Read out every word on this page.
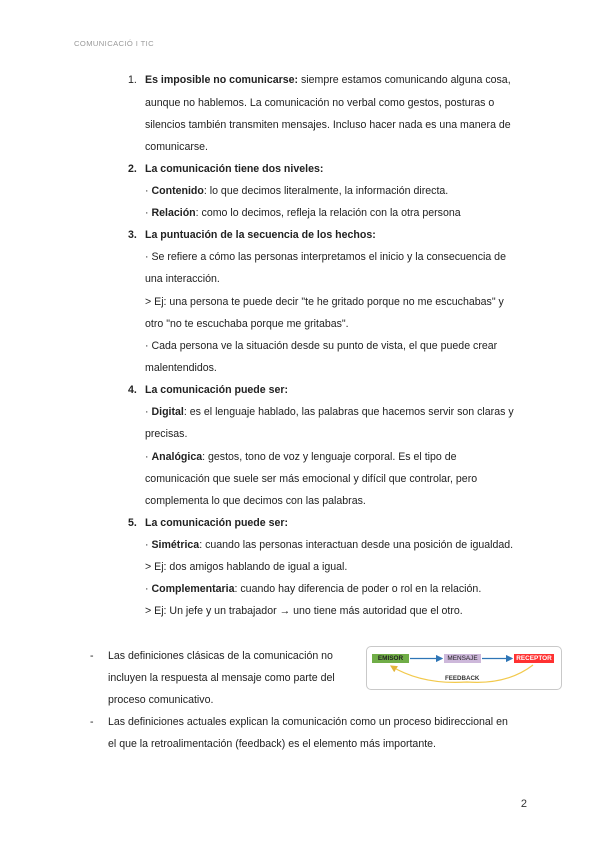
COMUNICACIÓ I TIC
1. Es imposible no comunicarse: siempre estamos comunicando alguna cosa,
aunque no hablemos. La comunicación no verbal como gestos, posturas o
silencios también transmiten mensajes. Incluso hacer nada es una manera de
comunicarse.
2. La comunicación tiene dos niveles:
· Contenido: lo que decimos literalmente, la información directa.
· Relación: como lo decimos, refleja la relación con la otra persona
3. La puntuación de la secuencia de los hechos:
· Se refiere a cómo las personas interpretamos el inicio y la consecuencia de
una interacción.
> Ej: una persona te puede decir "te he gritado porque no me escuchabas" y
otro "no te escuchaba porque me gritabas".
· Cada persona ve la situación desde su punto de vista, el que puede crear
malentendidos.
4. La comunicación puede ser:
· Digital: es el lenguaje hablado, las palabras que hacemos servir son claras y
precisas.
· Analógica: gestos, tono de voz y lenguaje corporal. Es el tipo de
comunicación que suele ser más emocional y difícil que controlar, pero
complementa lo que decimos con las palabras.
5. La comunicación puede ser:
· Simétrica: cuando las personas interactuan desde una posición de igualdad.
> Ej: dos amigos hablando de igual a igual.
· Complementaria: cuando hay diferencia de poder o rol en la relación.
> Ej: Un jefe y un trabajador → uno tiene más autoridad que el otro.
- Las definiciones clásicas de la comunicación no
incluyen la respuesta al mensaje como parte del
proceso comunicativo.
- Las definiciones actuales explican la comunicación como un proceso bidireccional en
el que la retroalimentación (feedback) es el elemento más importante.
EMISOR	MENSAJE	RECEPTOR
FEEDBACK
2
